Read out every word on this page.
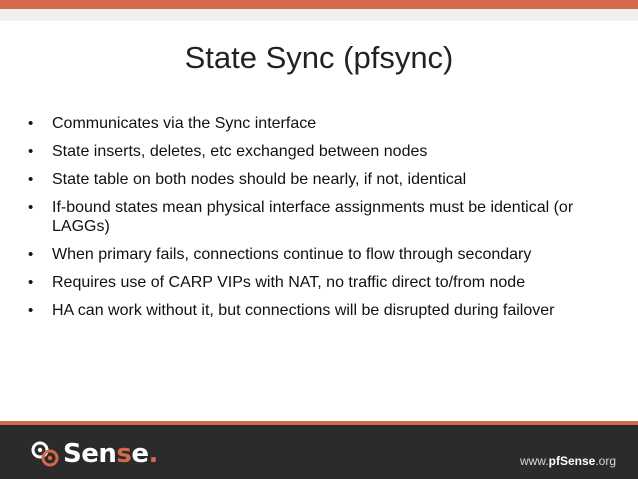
State Sync (pfsync)
• Communicates via the Sync interface
• State inserts, deletes, etc exchanged between nodes
• State table on both nodes should be nearly, if not, identical
• If-bound states mean physical interface assignments must be identical (or LAGGs)
• When primary fails, connections continue to flow through secondary
• Requires use of CARP VIPs with NAT, no traffic direct to/from node
• HA can work without it, but connections will be disrupted during failover
Sense.	www.pfSense.org
